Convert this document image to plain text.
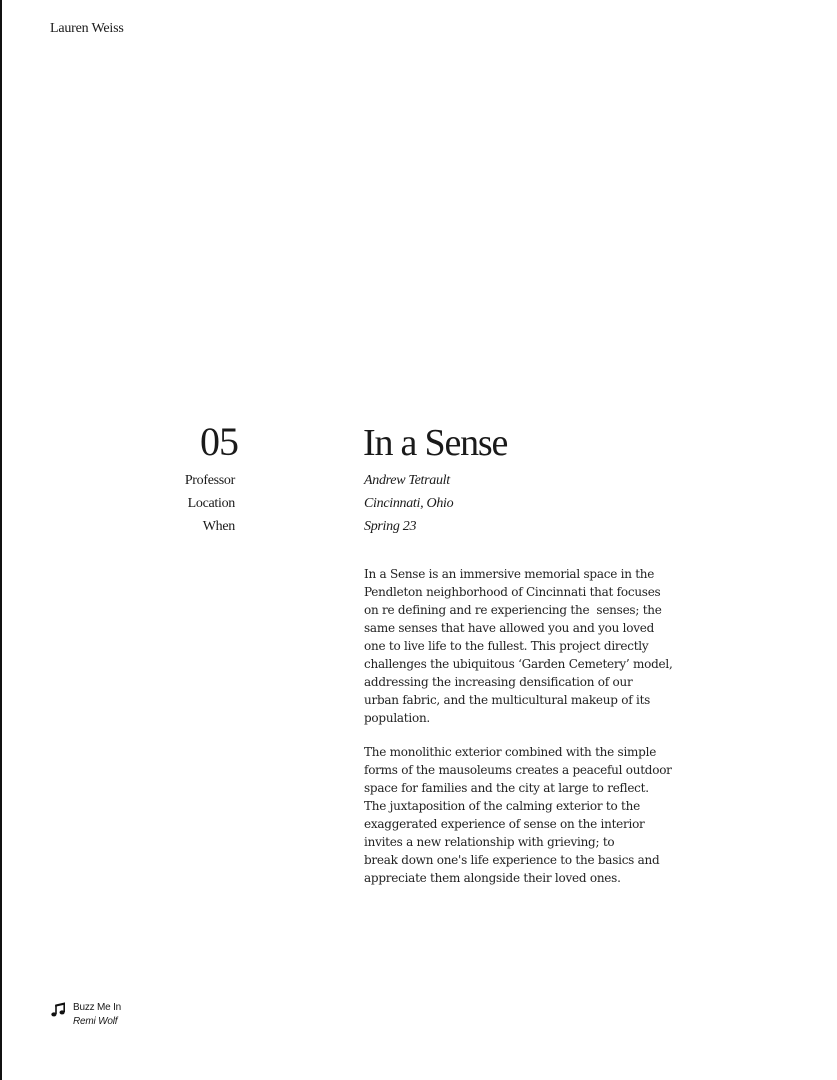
Lauren Weiss
05	In a Sense
Professor
Location
When
Andrew Tetrault
Cincinnati, Ohio
Spring 23

In a Sense is an immersive memorial space in the
Pendleton neighborhood of Cincinnati that focuses
on re defining and re experiencing the  senses; the
same senses that have allowed you and you loved
one to live life to the fullest. This project directly
challenges the ubiquitous ‘Garden Cemetery’ model,
addressing the increasing densification of our
urban fabric, and the multicultural makeup of its
population.

The monolithic exterior combined with the simple
forms of the mausoleums creates a peaceful outdoor
space for families and the city at large to reflect.
The juxtaposition of the calming exterior to the
exaggerated experience of sense on the interior
invites a new relationship with grieving; to
break down one's life experience to the basics and
appreciate them alongside their loved ones.

Buzz Me In
Remi Wolf
